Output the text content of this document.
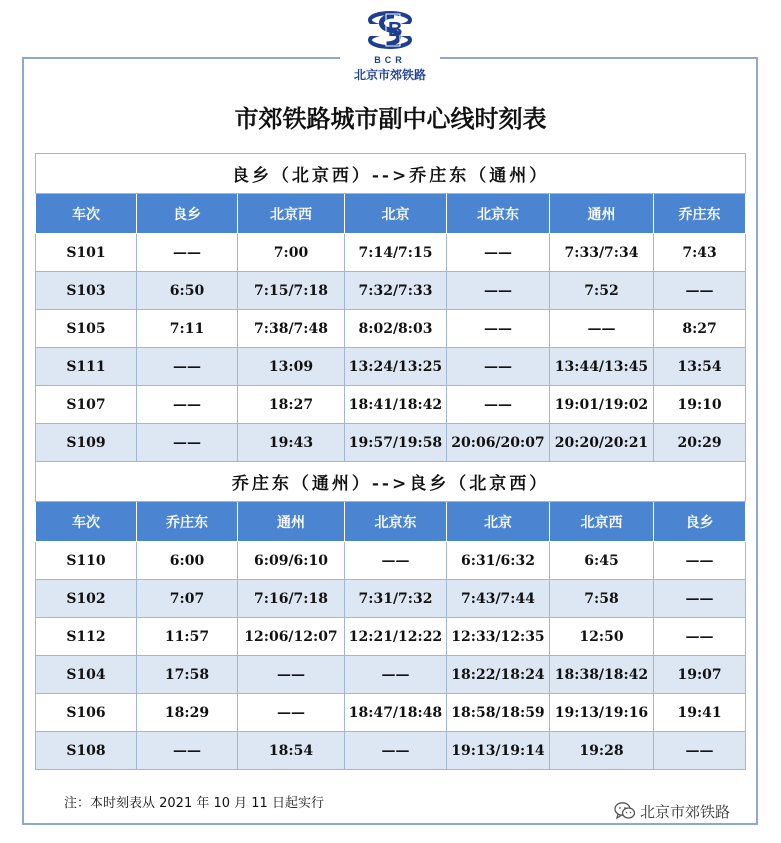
B
BCR
北京市郊铁路
市郊铁路城市副中心线时刻表
良乡（北京西）-->乔庄东（通州）						
车次	良乡	北京西	北京	北京东	通州	乔庄东
S101	——	7:00	7:14/7:15	——	7:33/7:34	7:43
S103	6:50	7:15/7:18	7:32/7:33	——	7:52	——
S105	7:11	7:38/7:48	8:02/8:03	——	——	8:27
S111	——	13:09	13:24/13:25	——	13:44/13:45	13:54
S107	——	18:27	18:41/18:42	——	19:01/19:02	19:10
S109	——	19:43	19:57/19:58	20:06/20:07	20:20/20:21	20:29
乔庄东（通州）-->良乡（北京西）						
车次	乔庄东	通州	北京东	北京	北京西	良乡
S110	6:00	6:09/6:10	——	6:31/6:32	6:45	——
S102	7:07	7:16/7:18	7:31/7:32	7:43/7:44	7:58	——
S112	11:57	12:06/12:07	12:21/12:22	12:33/12:35	12:50	——
S104	17:58	——	——	18:22/18:24	18:38/18:42	19:07
S106	18:29	——	18:47/18:48	18:58/18:59	19:13/19:16	19:41
S108	——	18:54	——	19:13/19:14	19:28	——
注：本时刻表从 2021 年 10 月 11 日起实行	北京市郊铁路
